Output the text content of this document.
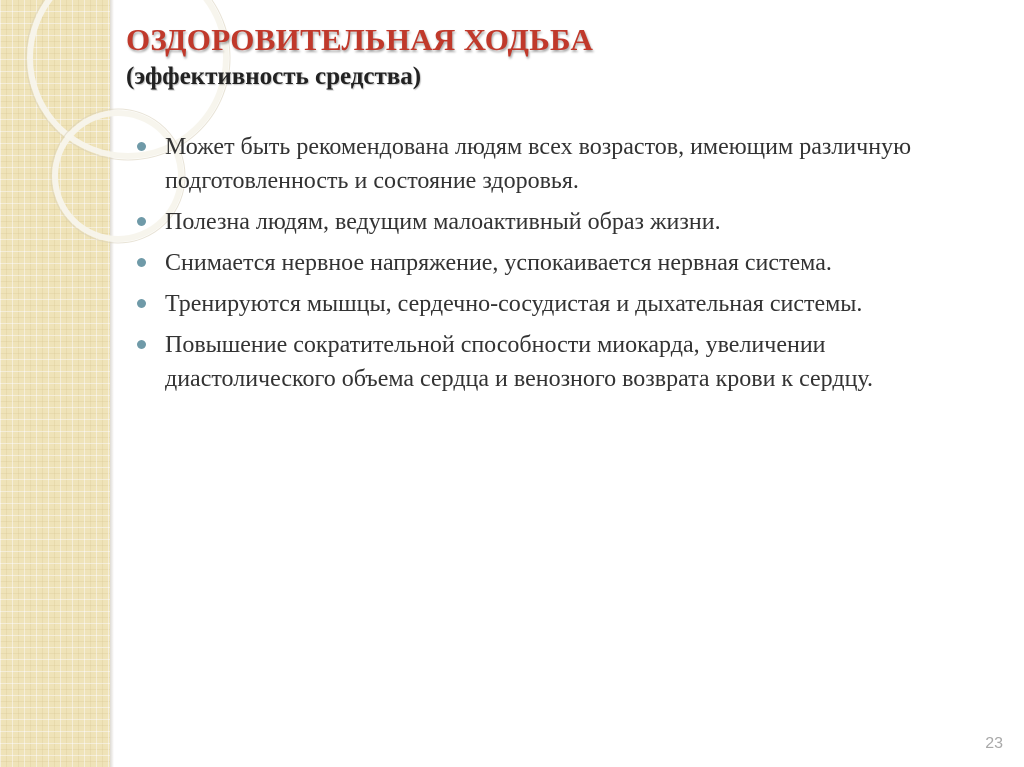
ОЗДОРОВИТЕЛЬНАЯ ХОДЬБА
(эффективность средства)
Может быть рекомендована людям всех возрастов, имеющим различную подготовленность и состояние здоровья.
Полезна людям, ведущим малоактивный образ жизни.
Снимается нервное напряжение, успокаивается нервная система.
Тренируются мышцы, сердечно-сосудистая и дыхательная системы.
Повышение сократительной способности миокарда, увеличении диастолического объема сердца и венозного возврата крови к сердцу.
23
